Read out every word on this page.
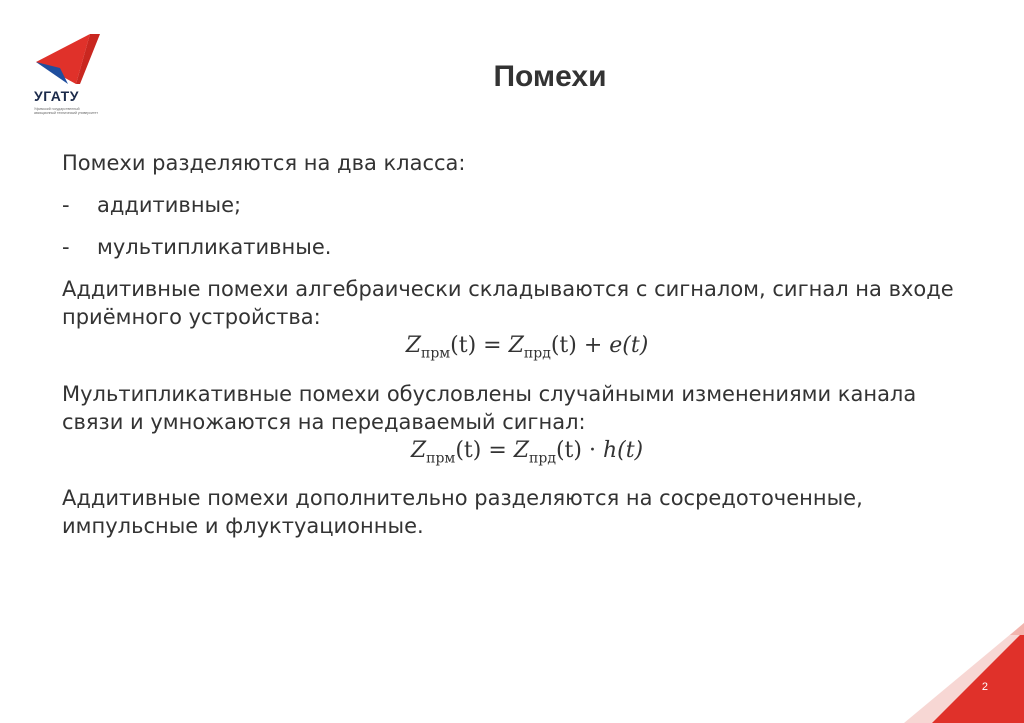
УГАТУ
Уфимский государственный авиационный технический университет
Помехи

Помехи разделяются на два класса:

- аддитивные;

- мультипликативные.

Аддитивные помехи алгебраически складываются с сигналом, сигнал на входе приёмного устройства:

$Z_{прм}(t) = Z_{прд}(t) + e(t)$

Мультипликативные помехи обусловлены случайными изменениями канала связи и умножаются на передаваемый сигнал:

$Z_{прм}(t) = Z_{прд}(t) \cdot h(t)$

Аддитивные помехи дополнительно разделяются на сосредоточенные, импульсные и флуктуационные.

2
